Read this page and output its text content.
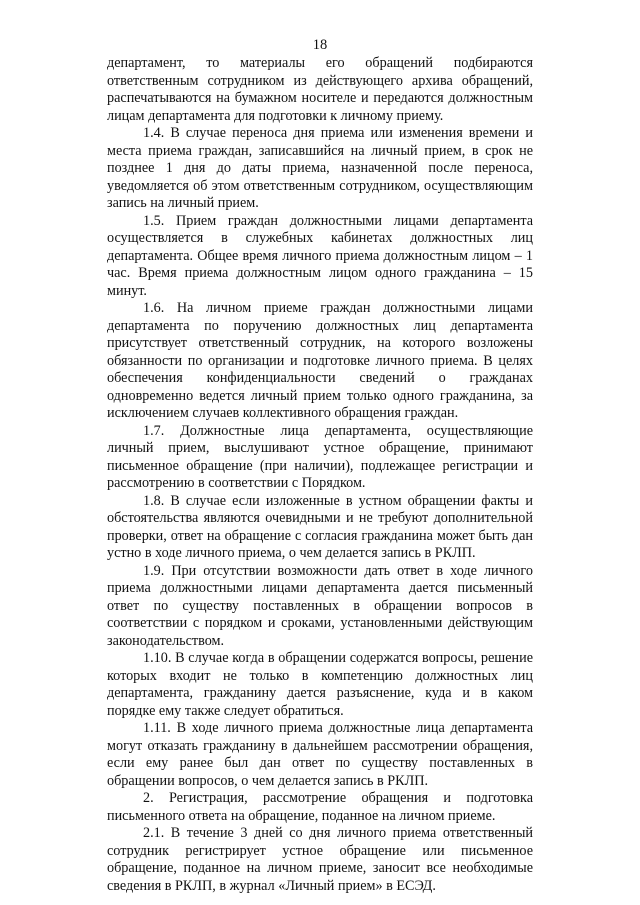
18

департамент, то материалы его обращений подбираются ответственным сотрудником из действующего архива обращений, распечатываются на бумажном носителе и передаются должностным лицам департамента для подготовки к личному приему.

1.4. В случае переноса дня приема или изменения времени и места приема граждан, записавшийся на личный прием, в срок не позднее 1 дня до даты приема, назначенной после переноса, уведомляется об этом ответственным сотрудником, осуществляющим запись на личный прием.

1.5. Прием граждан должностными лицами департамента осуществляется в служебных кабинетах должностных лиц департамента. Общее время личного приема должностным лицом – 1 час. Время приема должностным лицом одного гражданина – 15 минут.

1.6. На личном приеме граждан должностными лицами департамента по поручению должностных лиц департамента присутствует ответственный сотрудник, на которого возложены обязанности по организации и подготовке личного приема. В целях обеспечения конфиденциальности сведений о гражданах одновременно ведется личный прием только одного гражданина, за исключением случаев коллективного обращения граждан.

1.7. Должностные лица департамента, осуществляющие личный прием, выслушивают устное обращение, принимают письменное обращение (при наличии), подлежащее регистрации и рассмотрению в соответствии с Порядком.

1.8. В случае если изложенные в устном обращении факты и обстоятельства являются очевидными и не требуют дополнительной проверки, ответ на обращение с согласия гражданина может быть дан устно в ходе личного приема, о чем делается запись в РКЛП.

1.9. При отсутствии возможности дать ответ в ходе личного приема должностными лицами департамента дается письменный ответ по существу поставленных в обращении вопросов в соответствии с порядком и сроками, установленными действующим законодательством.

1.10. В случае когда в обращении содержатся вопросы, решение которых входит не только в компетенцию должностных лиц департамента, гражданину дается разъяснение, куда и в каком порядке ему также следует обратиться.

1.11. В ходе личного приема должностные лица департамента могут отказать гражданину в дальнейшем рассмотрении обращения, если ему ранее был дан ответ по существу поставленных в обращении вопросов, о чем делается запись в РКЛП.

2. Регистрация, рассмотрение обращения и подготовка письменного ответа на обращение, поданное на личном приеме.

2.1. В течение 3 дней со дня личного приема ответственный сотрудник регистрирует устное обращение или письменное обращение, поданное на личном приеме, заносит все необходимые сведения в РКЛП, в журнал «Личный прием» в ЕСЭД.
